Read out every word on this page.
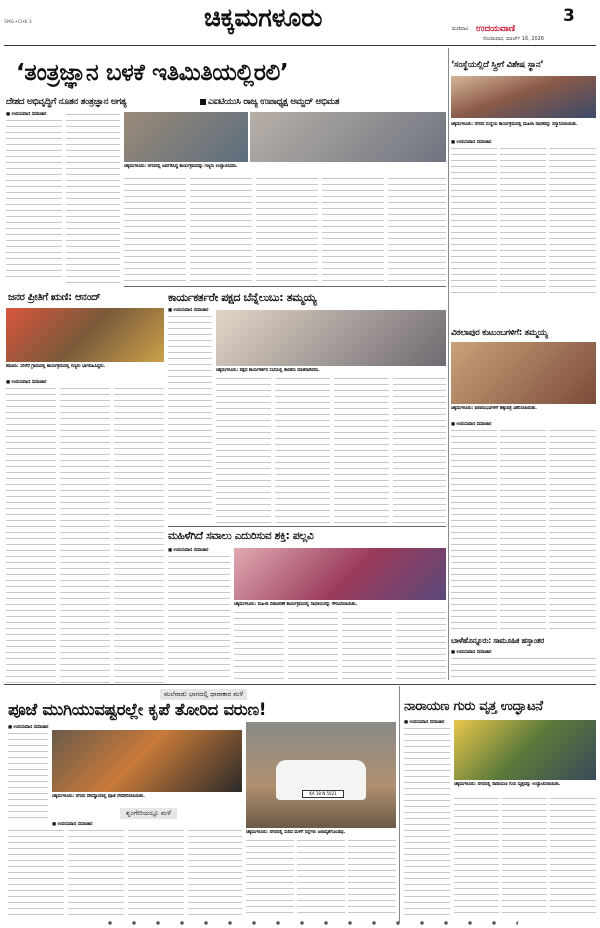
SMG+CHK 3	ಚಿಕ್ಕಮಗಳೂರು	3
ಮಣಿಪಾಲ ಉದಯವಾಣಿ
ಸೋಮವಾರ, ಮಾರ್ಚ್ 16, 2026
‘ತಂತ್ರಜ್ಞಾನ ಬಳಕೆ ಇತಿಮಿತಿಯಲ್ಲಿರಲಿ’
ದೇಶದ ಅಭಿವೃದ್ಧಿಗೆ ನೂತನ ತಂತ್ರಜ್ಞಾನ ಅಗತ್ಯ	ಎಐಟಿಯುಸಿ ರಾಜ್ಯ ಉಪಾಧ್ಯಕ್ಷ ಅಮ್ಜದ್ ಅಭಿಮತ
■ ಉದಯವಾಣಿ ಸಮಾಚಾರ
ಚಿಕ್ಕಮಗಳೂರು: ನಗರದಲ್ಲಿ ಏರ್ಪಡಿಸಿದ್ದ ಕಾರ್ಯಕ್ರಮವನ್ನು ಗಣ್ಯರು ಉದ್ಘಾಟಿಸಿದರು.
‘ಸಂಸ್ಥೆಯಲ್ಲಿದೆ ಸ್ತ್ರೀಗೆ ವಿಶೇಷ ಸ್ಥಾನ’
ಚಿಕ್ಕಮಗಳೂರು: ನಗರದ ಸಂಸ್ಥೆಯ ಕಾರ್ಯಕ್ರಮದಲ್ಲಿ ಮಹಿಳಾ ಸಾಧಕರನ್ನು ಸನ್ಮಾನಿಸಲಾಯಿತು.
■ ಉದಯವಾಣಿ ಸಮಾಚಾರ
ಕಾರ್ಯಕರ್ತರೇ ಪಕ್ಷದ ಬೆನ್ನೆಲುಬು: ತಮ್ಮಯ್ಯ
■ ಉದಯವಾಣಿ ಸಮಾಚಾರ
ಚಿಕ್ಕಮಗಳೂರು: ಪಕ್ಷದ ಕಾರ್ಯಕರ್ತರ ಸಭೆಯಲ್ಲಿ ಶಾಸಕರು ಮಾತನಾಡಿದರು.
ಜನರ ಪ್ರೀತಿಗೆ ಋಣಿ: ಆನಂದ್
ಕಡೂರು: ಸಿರಿಗೆರೆ ಗ್ರಾಮದಲ್ಲಿ ಕಾರ್ಯಕ್ರಮದಲ್ಲಿ ಗಣ್ಯರು ಭಾಗವಹಿಸಿದ್ದರು.
■ ಉದಯವಾಣಿ ಸಮಾಚಾರ
ವಿಠಲಾಪುರ ಕುಟುಂಬಗಳಿಗೆ: ತಮ್ಮಯ್ಯ
ಚಿಕ್ಕಮಗಳೂರು: ಫಲಾನುಭವಿಗಳಿಗೆ ಹಕ್ಕುಪತ್ರ ವಿತರಿಸಲಾಯಿತು.
■ ಉದಯವಾಣಿ ಸಮಾಚಾರ
ಮಹಿಳೆಗಿದೆ ಸವಾಲು ಎದುರಿಸುವ ಶಕ್ತಿ: ಪಲ್ಲವಿ
■ ಉದಯವಾಣಿ ಸಮಾಚಾರ
ಚಿಕ್ಕಮಗಳೂರು: ಮಹಿಳಾ ದಿನಾಚರಣೆ ಕಾರ್ಯಕ್ರಮದಲ್ಲಿ ಸಾಧಕಿಯರನ್ನು ಗೌರವಿಸಲಾಯಿತು.
ಬಾಳೆಹೊನ್ನೂರು: ಸಾಮೂಹಿಕ ಹಸ್ತಾಂತರ
■ ಉದಯವಾಣಿ ಸಮಾಚಾರ
ಮಲೆನಾಡು ಭಾಗದಲ್ಲಿ ಧಾರಾಕಾರ ಮಳೆ
ಪೂಜೆ ಮುಗಿಯುವಷ್ಟರಲ್ಲೇ ಕೃಪೆ ತೋರಿದ ವರುಣ!
■ ಉದಯವಾಣಿ ಸಮಾಚಾರ
ಚಿಕ್ಕಮಗಳೂರು: ನಗರದ ದೇವಸ್ಥಾನದಲ್ಲಿ ಪೂಜೆ ನೆರವೇರಿಸಲಾಯಿತು.
ಶೃಂಗೇರಿಯಲ್ಲೂ ಮಳೆ
■ ಉದಯವಾಣಿ ಸಮಾಚಾರ
KA 18 N 5021
ಚಿಕ್ಕಮಗಳೂರು: ನಗರದಲ್ಲಿ ಸುರಿದ ಮಳೆಗೆ ರಸ್ತೆಗಳು ಜಲಾವೃತಗೊಂಡವು.
ನಾರಾಯಣ ಗುರು ವೃತ್ತ ಉದ್ಘಾಟನೆ
■ ಉದಯವಾಣಿ ಸಮಾಚಾರ
ಚಿಕ್ಕಮಗಳೂರು: ನಗರದಲ್ಲಿ ನಾರಾಯಣ ಗುರು ವೃತ್ತವನ್ನು ಉದ್ಘಾಟಿಸಲಾಯಿತು.
